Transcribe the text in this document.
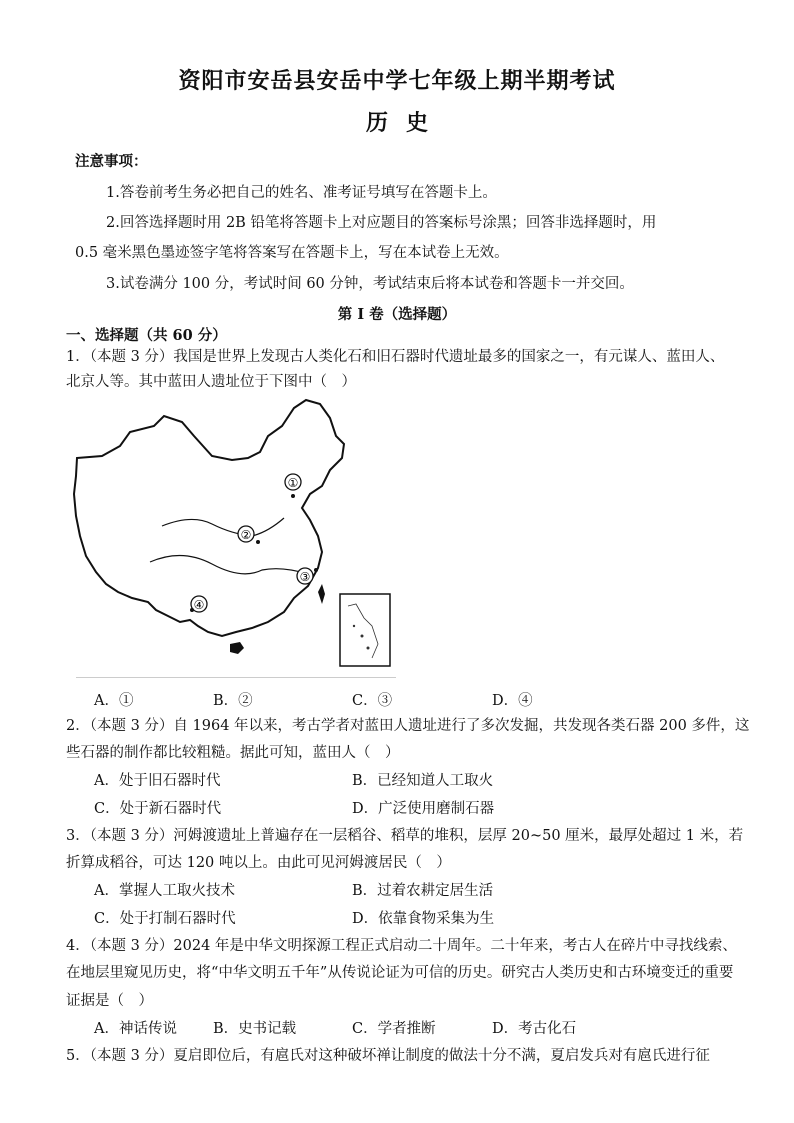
资阳市安岳县安岳中学七年级上期半期考试
历史
注意事项：
1.答卷前考生务必把自己的姓名、准考证号填写在答题卡上。
2.回答选择题时用 2B 铅笔将答题卡上对应题目的答案标号涂黑；回答非选择题时，用
0.5 毫米黑色墨迹签字笔将答案写在答题卡上，写在本试卷上无效。
3.试卷满分 100 分，考试时间 60 分钟，考试结束后将本试卷和答题卡一并交回。
第 I 卷（选择题）
一、选择题（共 60 分）
1．（本题 3 分）我国是世界上发现古人类化石和旧石器时代遗址最多的国家之一，有元谋人、蓝田人、
北京人等。其中蓝田人遗址位于下图中（　）
①
②
③
④
A．①	B．②	C．③	D．④
2．（本题 3 分）自 1964 年以来，考古学者对蓝田人遗址进行了多次发掘，共发现各类石器 200 多件，这
些石器的制作都比较粗糙。据此可知，蓝田人（　）
A．处于旧石器时代	B．已经知道人工取火
C．处于新石器时代	D．广泛使用磨制石器
3．（本题 3 分）河姆渡遗址上普遍存在一层稻谷、稻草的堆积，层厚 20~50 厘米，最厚处超过 1 米，若
折算成稻谷，可达 120 吨以上。由此可见河姆渡居民（　）
A．掌握人工取火技术	B．过着农耕定居生活
C．处于打制石器时代	D．依靠食物采集为生
4．（本题 3 分）2024 年是中华文明探源工程正式启动二十周年。二十年来，考古人在碎片中寻找线索、
在地层里窥见历史，将“中华文明五千年”从传说论证为可信的历史。研究古人类历史和古环境变迁的重要
证据是（　）
A．神话传说 B．史书记载	C．学者推断	D．考古化石
5．（本题 3 分）夏启即位后，有扈氏对这种破坏禅让制度的做法十分不满，夏启发兵对有扈氏进行征
